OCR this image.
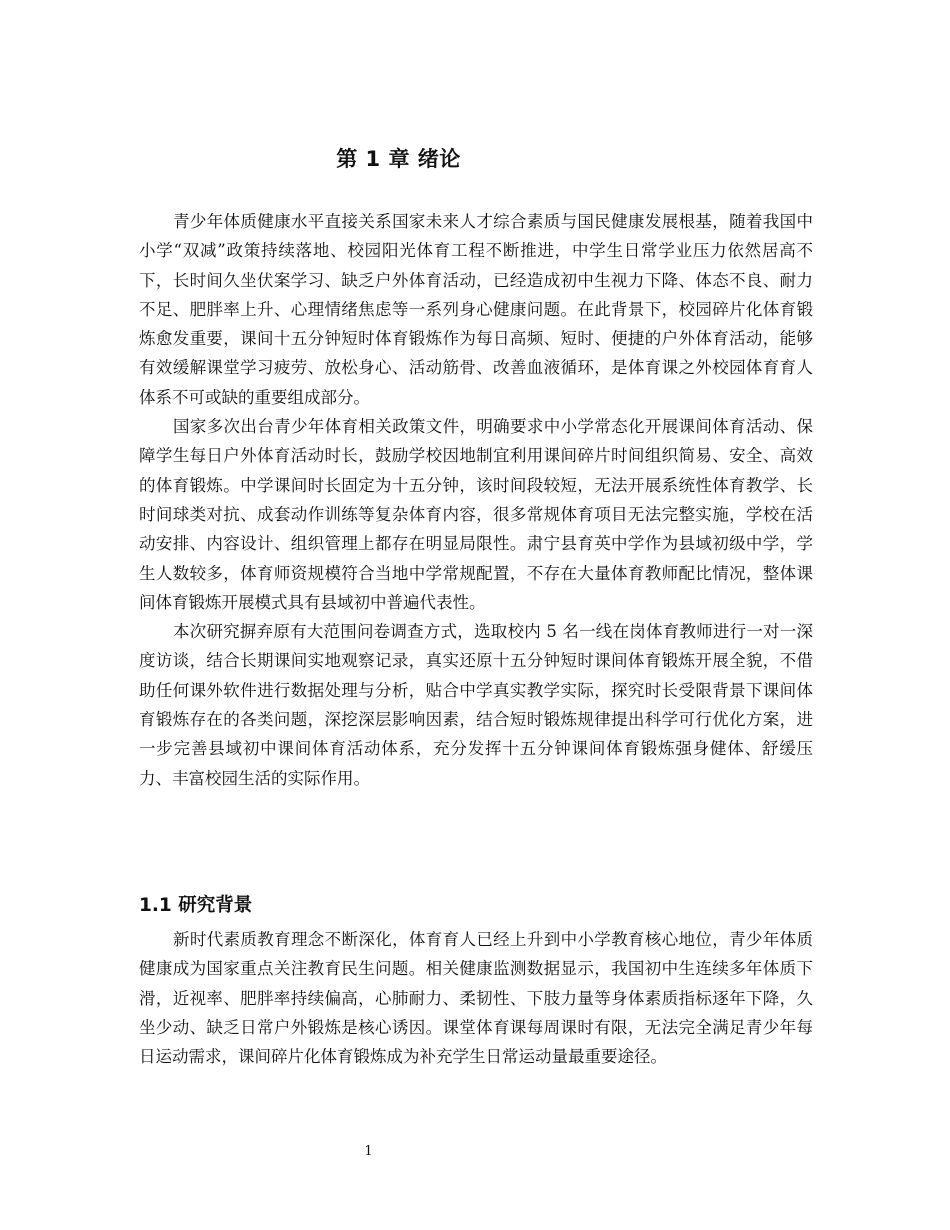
第 1 章 绪论

青少年体质健康水平直接关系国家未来人才综合素质与国民健康发展根基，随着我国中小学“双减”政策持续落地、校园阳光体育工程不断推进，中学生日常学业压力依然居高不下，长时间久坐伏案学习、缺乏户外体育活动，已经造成初中生视力下降、体态不良、耐力不足、肥胖率上升、心理情绪焦虑等一系列身心健康问题。在此背景下，校园碎片化体育锻炼愈发重要，课间十五分钟短时体育锻炼作为每日高频、短时、便捷的户外体育活动，能够有效缓解课堂学习疲劳、放松身心、活动筋骨、改善血液循环，是体育课之外校园体育育人体系不可或缺的重要组成部分。

国家多次出台青少年体育相关政策文件，明确要求中小学常态化开展课间体育活动、保障学生每日户外体育活动时长，鼓励学校因地制宜利用课间碎片时间组织简易、安全、高效的体育锻炼。中学课间时长固定为十五分钟，该时间段较短，无法开展系统性体育教学、长时间球类对抗、成套动作训练等复杂体育内容，很多常规体育项目无法完整实施，学校在活动安排、内容设计、组织管理上都存在明显局限性。肃宁县育英中学作为县域初级中学，学生人数较多，体育师资规模符合当地中学常规配置，不存在大量体育教师配比情况，整体课间体育锻炼开展模式具有县域初中普遍代表性。

本次研究摒弃原有大范围问卷调查方式，选取校内 5 名一线在岗体育教师进行一对一深度访谈，结合长期课间实地观察记录，真实还原十五分钟短时课间体育锻炼开展全貌，不借助任何课外软件进行数据处理与分析，贴合中学真实教学实际，探究时长受限背景下课间体育锻炼存在的各类问题，深挖深层影响因素，结合短时锻炼规律提出科学可行优化方案，进一步完善县域初中课间体育活动体系，充分发挥十五分钟课间体育锻炼强身健体、舒缓压力、丰富校园生活的实际作用。

1.1 研究背景

新时代素质教育理念不断深化，体育育人已经上升到中小学教育核心地位，青少年体质健康成为国家重点关注教育民生问题。相关健康监测数据显示，我国初中生连续多年体质下滑，近视率、肥胖率持续偏高，心肺耐力、柔韧性、下肢力量等身体素质指标逐年下降，久坐少动、缺乏日常户外锻炼是核心诱因。课堂体育课每周课时有限，无法完全满足青少年每日运动需求，课间碎片化体育锻炼成为补充学生日常运动量最重要途径。

1
